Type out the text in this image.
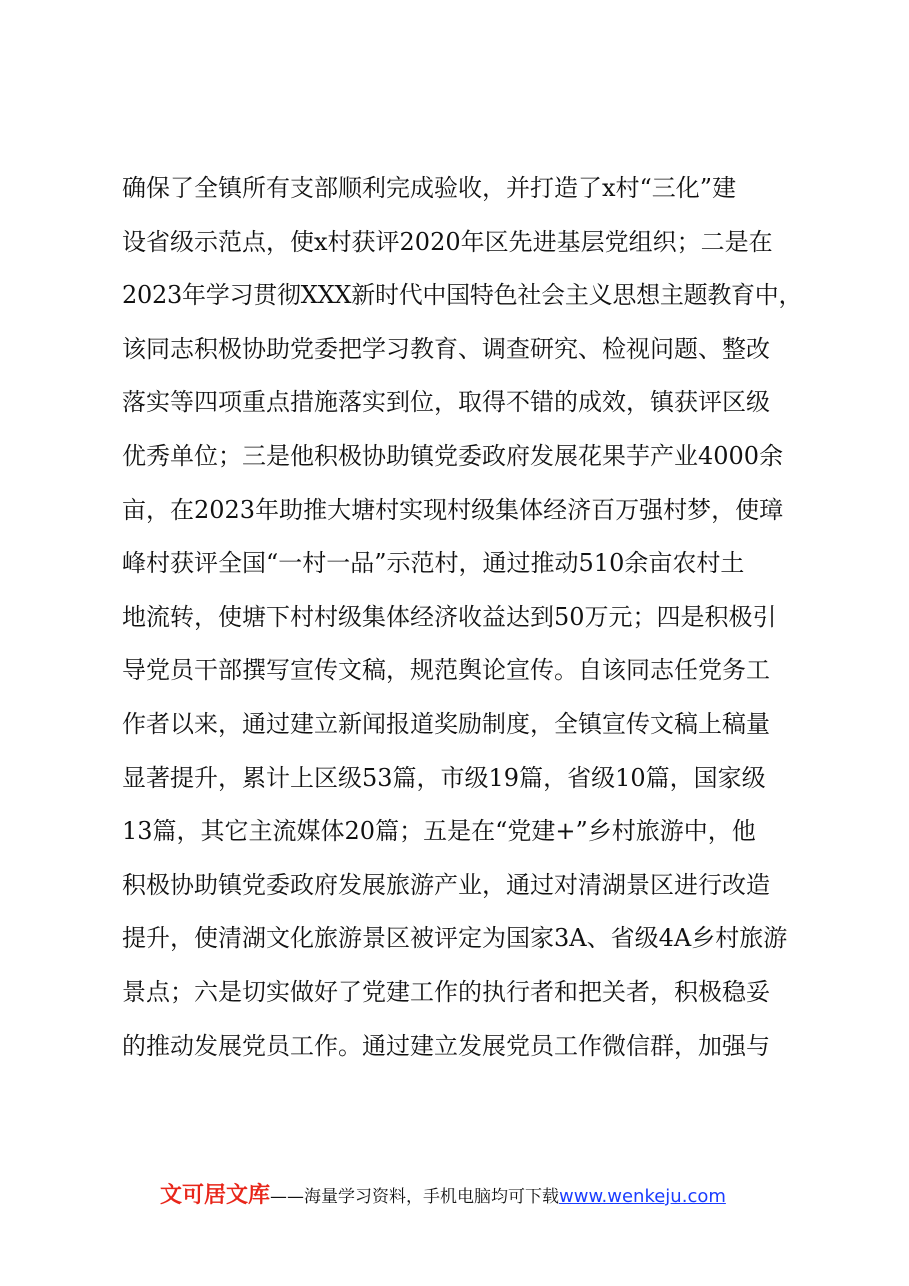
确保了全镇所有支部顺利完成验收，并打造了x村“三化”建
设省级示范点，使x村获评2020年区先进基层党组织；二是在
2023年学习贯彻XXX新时代中国特色社会主义思想主题教育中，
该同志积极协助党委把学习教育、调查研究、检视问题、整改
落实等四项重点措施落实到位，取得不错的成效，镇获评区级
优秀单位；三是他积极协助镇党委政府发展花果芋产业4000余
亩，在2023年助推大塘村实现村级集体经济百万强村梦，使璋
峰村获评全国“一村一品”示范村，通过推动510余亩农村土
地流转，使塘下村村级集体经济收益达到50万元；四是积极引
导党员干部撰写宣传文稿，规范舆论宣传。自该同志任党务工
作者以来，通过建立新闻报道奖励制度，全镇宣传文稿上稿量
显著提升，累计上区级53篇，市级19篇，省级10篇，国家级
13篇，其它主流媒体20篇；五是在“党建+”乡村旅游中，他
积极协助镇党委政府发展旅游产业，通过对清湖景区进行改造
提升，使清湖文化旅游景区被评定为国家3A、省级4A乡村旅游
景点；六是切实做好了党建工作的执行者和把关者，积极稳妥
的推动发展党员工作。通过建立发展党员工作微信群，加强与
文可居文库——海量学习资料，手机电脑均可下载www.wenkeju.com
